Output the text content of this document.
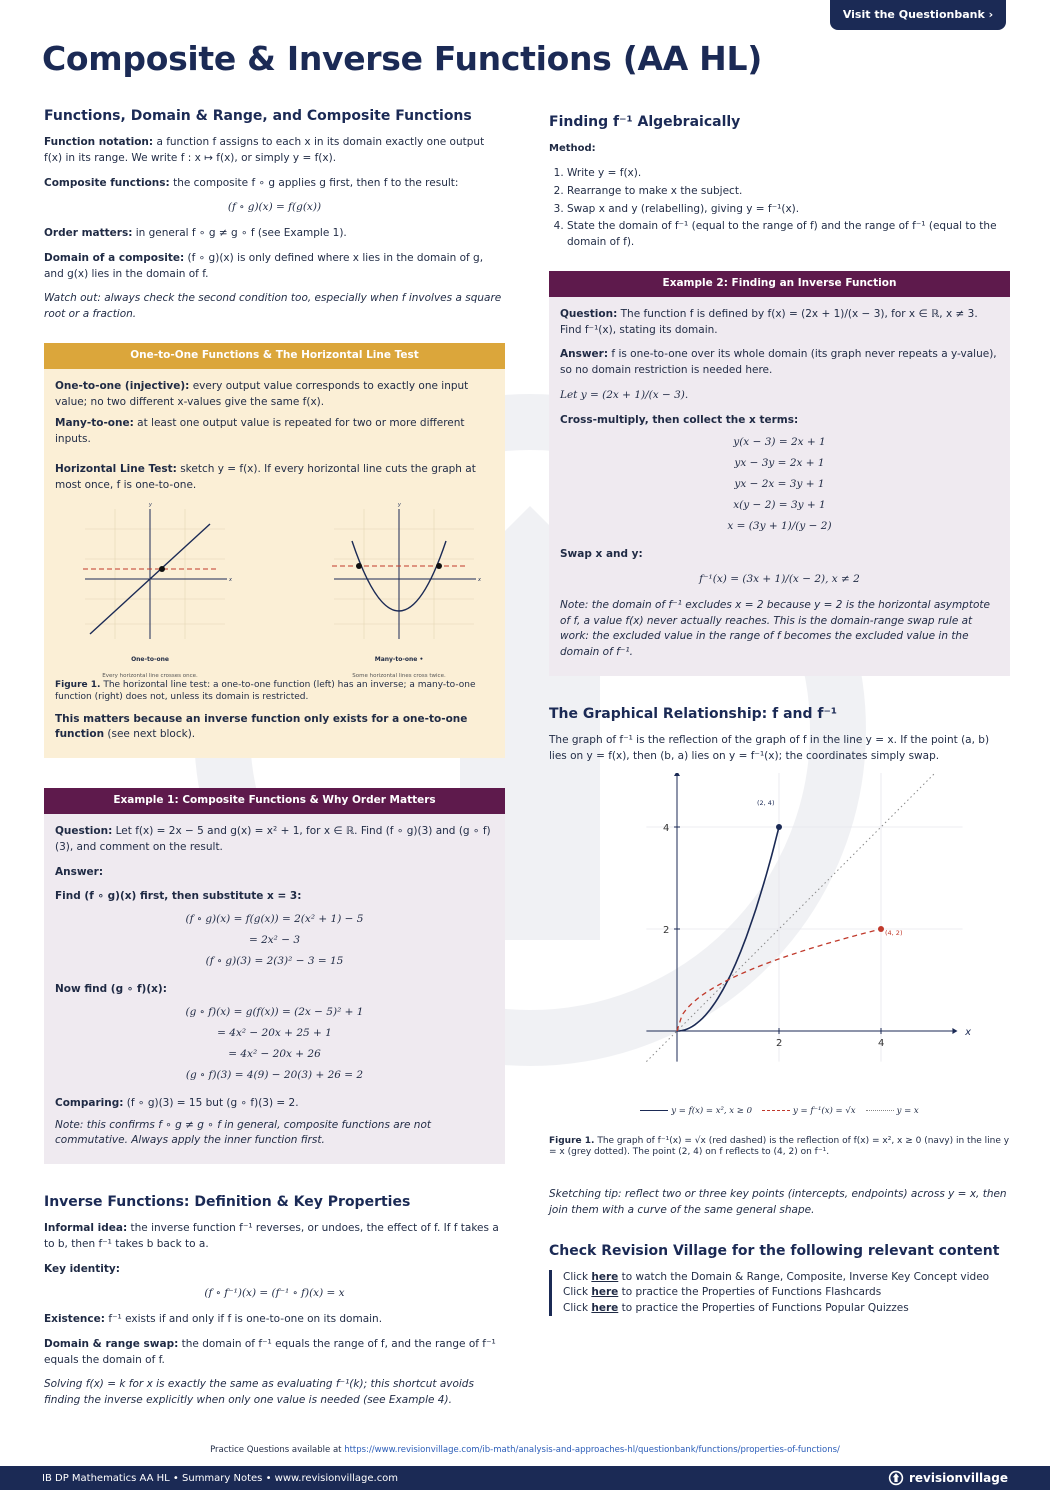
Visit the Questionbank ›
Composite & Inverse Functions (AA HL)
Functions, Domain & Range, and Composite Functions

Function notation: a function f assigns to each x in its domain exactly one output f(x) in its range. We write f : x ↦ f(x), or simply y = f(x).

Composite functions: the composite f ∘ g applies g first, then f to the result:

(f ∘ g)(x) = f(g(x))

Order matters: in general f ∘ g ≠ g ∘ f (see Example 1).

Domain of a composite: (f ∘ g)(x) is only defined where x lies in the domain of g, and g(x) lies in the domain of f.

Watch out: always check the second condition too, especially when f involves a square root or a fraction.

One-to-One Functions & The Horizontal Line Test

One-to-one (injective): every output value corresponds to exactly one input value; no two different x-values give the same f(x).

Many-to-one: at least one output value is repeated for two or more different inputs.

Horizontal Line Test: sketch y = f(x). If every horizontal line cuts the graph at most once, f is one-to-one.

y
x
One-to-one
Every horizontal line crosses once.
y
x
Many-to-one •
Some horizontal lines cross twice.
Figure 1. The horizontal line test: a one-to-one function (left) has an inverse; a many-to-one function (right) does not, unless its domain is restricted.

This matters because an inverse function only exists for a one-to-one function (see next block).

Example 1: Composite Functions & Why Order Matters

Question: Let f(x) = 2x − 5 and g(x) = x² + 1, for x ∈ ℝ. Find (f ∘ g)(3) and (g ∘ f)(3), and comment on the result.

Answer:

Find (f ∘ g)(x) first, then substitute x = 3:

(f ∘ g)(x) = f(g(x)) = 2(x² + 1) − 5
= 2x² − 3
(f ∘ g)(3) = 2(3)² − 3 = 15

Now find (g ∘ f)(x):

(g ∘ f)(x) = g(f(x)) = (2x − 5)² + 1
= 4x² − 20x + 25 + 1
= 4x² − 20x + 26
(g ∘ f)(3) = 4(9) − 20(3) + 26 = 2

Comparing: (f ∘ g)(3) = 15 but (g ∘ f)(3) = 2.

Note: this confirms f ∘ g ≠ g ∘ f in general, composite functions are not commutative. Always apply the inner function first.

Inverse Functions: Definition & Key Properties

Informal idea: the inverse function f⁻¹ reverses, or undoes, the effect of f. If f takes a to b, then f⁻¹ takes b back to a.

Key identity:

(f ∘ f⁻¹)(x) = (f⁻¹ ∘ f)(x) = x

Existence: f⁻¹ exists if and only if f is one-to-one on its domain.

Domain & range swap: the domain of f⁻¹ equals the range of f, and the range of f⁻¹ equals the domain of f.

Solving f(x) = k for x is exactly the same as evaluating f⁻¹(k); this shortcut avoids finding the inverse explicitly when only one value is needed (see Example 4).

Finding f⁻¹ Algebraically

Method:

1. Write y = f(x).
2. Rearrange to make x the subject.
3. Swap x and y (relabelling), giving y = f⁻¹(x).
4. State the domain of f⁻¹ (equal to the range of f) and the range of f⁻¹ (equal to the domain of f).
Example 2: Finding an Inverse Function

Question: The function f is defined by f(x) = (2x + 1)/(x − 3), for x ∈ ℝ, x ≠ 3. Find f⁻¹(x), stating its domain.

Answer: f is one-to-one over its whole domain (its graph never repeats a y-value), so no domain restriction is needed here.

Let y = (2x + 1)/(x − 3).

Cross-multiply, then collect the x terms:

y(x − 3) = 2x + 1
yx − 3y = 2x + 1
yx − 2x = 3y + 1
x(y − 2) = 3y + 1
x = (3y + 1)/(y − 2)

Swap x and y:

f⁻¹(x) = (3x + 1)/(x − 2), x ≠ 2

Note: the domain of f⁻¹ excludes x = 2 because y = 2 is the horizontal asymptote of f, a value f(x) never actually reaches. This is the domain-range swap rule at work: the excluded value in the range of f becomes the excluded value in the domain of f⁻¹.

The Graphical Relationship: f and f⁻¹

The graph of f⁻¹ is the reflection of the graph of f in the line y = x. If the point (a, b) lies on y = f(x), then (b, a) lies on y = f⁻¹(x); the coordinates simply swap.

x
2	4
2
4
(2, 4)
(4, 2)
y = f(x) = x², x ≥ 0	y = f⁻¹(x) = √x	y = x
Figure 1. The graph of f⁻¹(x) = √x (red dashed) is the reflection of f(x) = x², x ≥ 0 (navy) in the line y = x (grey dotted). The point (2, 4) on f reflects to (4, 2) on f⁻¹.

Sketching tip: reflect two or three key points (intercepts, endpoints) across y = x, then join them with a curve of the same general shape.

Check Revision Village for the following relevant content
Click here to watch the Domain & Range, Composite, Inverse Key Concept video
Click here to practice the Properties of Functions Flashcards
Click here to practice the Properties of Functions Popular Quizzes
Practice Questions available at https://www.revisionvillage.com/ib-math/analysis-and-approaches-hl/questionbank/functions/properties-of-functions/
IB DP Mathematics AA HL • Summary Notes • www.revisionvillage.com	revisionvillage
